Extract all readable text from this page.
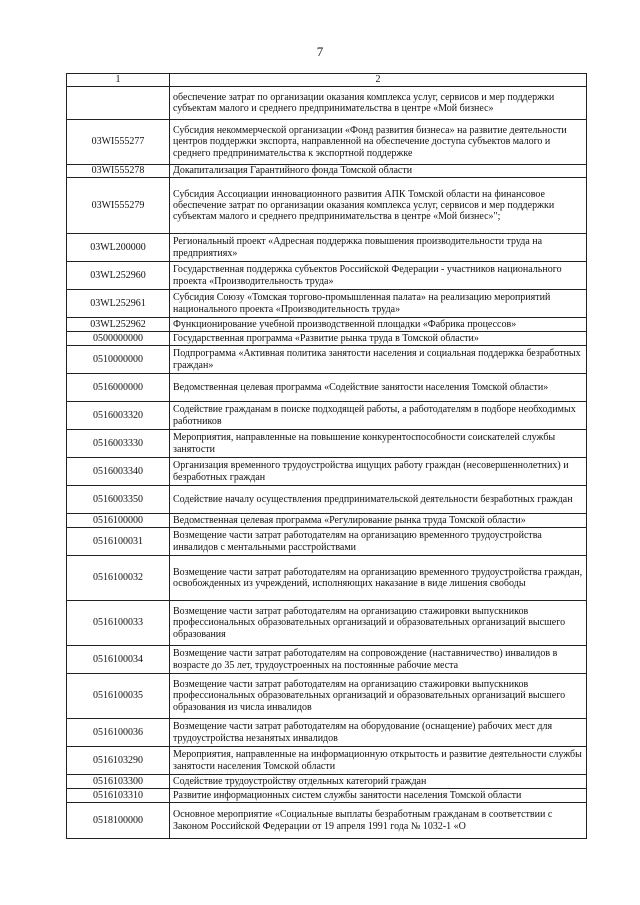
7
1	2
	обеспечение затрат по организации оказания комплекса услуг, сервисов и мер поддержки субъектам малого и среднего предпринимательства в центре «Мой бизнес»
03WI555277	Субсидия некоммерческой организации «Фонд развития бизнеса» на развитие деятельности центров поддержки экспорта, направленной на обеспечение доступа субъектов малого и среднего предпринимательства к экспортной поддержке
03WI555278	Докапитализация Гарантийного фонда Томской области
03WI555279	Субсидия Ассоциации инновационного развития АПК Томской области на финансовое обеспечение затрат по организации оказания комплекса услуг, сервисов и мер поддержки субъектам малого и среднего предпринимательства в центре «Мой бизнес»";
03WL200000	Региональный проект «Адресная поддержка повышения производительности труда на предприятиях»
03WL252960	Государственная поддержка субъектов Российской Федерации - участников национального проекта «Производительность труда»
03WL252961	Субсидия Союзу «Томская торгово-промышленная палата» на реализацию мероприятий национального проекта «Производительность труда»
03WL252962	Функционирование учебной производственной площадки «Фабрика процессов»
0500000000	Государственная программа «Развитие рынка труда в Томской области»
0510000000	Подпрограмма «Активная политика занятости населения и социальная поддержка безработных граждан»
0516000000	Ведомственная целевая программа «Содействие занятости населения Томской области»
0516003320	Содействие гражданам в поиске подходящей работы, а работодателям в подборе необходимых работников
0516003330	Мероприятия, направленные на повышение конкурентоспособности соискателей службы занятости
0516003340	Организация временного трудоустройства ищущих работу граждан (несовершеннолетних) и безработных граждан
0516003350	Содействие началу осуществления предпринимательской деятельности безработных граждан
0516100000	Ведомственная целевая программа «Регулирование рынка труда Томской области»
0516100031	Возмещение части затрат работодателям на организацию временного трудоустройства инвалидов с ментальными расстройствами
0516100032	Возмещение части затрат работодателям на организацию временного трудоустройства граждан, освобожденных из учреждений, исполняющих наказание в виде лишения свободы
0516100033	Возмещение части затрат работодателям на организацию стажировки выпускников профессиональных образовательных организаций и образовательных организаций высшего образования
0516100034	Возмещение части затрат работодателям на сопровождение (наставничество) инвалидов в возрасте до 35 лет, трудоустроенных на постоянные рабочие места
0516100035	Возмещение части затрат работодателям на организацию стажировки выпускников профессиональных образовательных организаций и образовательных организаций высшего образования из числа инвалидов
0516100036	Возмещение части затрат работодателям на оборудование (оснащение) рабочих мест для трудоустройства незанятых инвалидов
0516103290	Мероприятия, направленные на информационную открытость и развитие деятельности службы занятости населения Томской области
0516103300	Содействие трудоустройству отдельных категорий граждан
0516103310	Развитие информационных систем службы занятости населения Томской области
0518100000	Основное мероприятие «Социальные выплаты безработным гражданам в соответствии с Законом Российской Федерации от 19 апреля 1991 года № 1032-1 «О
